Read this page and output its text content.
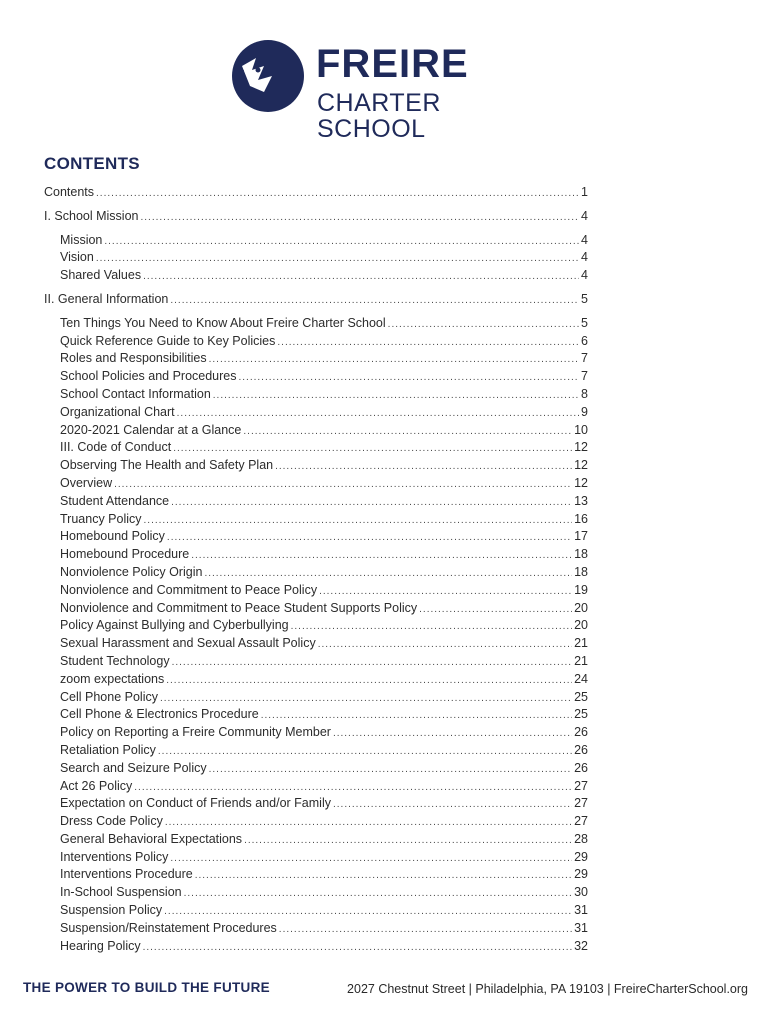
FREIRE
CHARTER SCHOOL
CONTENTS
Contents .....	1
I. School Mission .....	4
Mission .....	4
Vision .....	4
Shared Values .....	4
II. General Information .....	5
Ten Things You Need to Know About Freire Charter School .....	5
Quick Reference Guide to Key Policies .....	6
Roles and Responsibilities .....	7
School Policies and Procedures .....	7
School Contact Information .....	8
Organizational Chart .....	9
2020-2021 Calendar at a Glance .....	10
III. Code of Conduct .....	12
Observing The Health and Safety Plan .....	12
Overview .....	12
Student Attendance .....	13
Truancy Policy .....	16
Homebound Policy .....	17
Homebound Procedure .....	18
Nonviolence Policy Origin .....	18
Nonviolence and Commitment to Peace Policy .....	19
Nonviolence and Commitment to Peace Student Supports Policy .....	20
Policy Against Bullying and Cyberbullying .....	20
Sexual Harassment and Sexual Assault Policy .....	21
Student Technology .....	21
zoom expectations .....	24
Cell Phone Policy .....	25
Cell Phone & Electronics Procedure .....	25
Policy on Reporting a Freire Community Member .....	26
Retaliation Policy .....	26
Search and Seizure Policy .....	26
Act 26 Policy .....	27
Expectation on Conduct of Friends and/or Family .....	27
Dress Code Policy .....	27
General Behavioral Expectations .....	28
Interventions Policy .....	29
Interventions Procedure .....	29
In-School Suspension .....	30
Suspension Policy .....	31
Suspension/Reinstatement Procedures .....	31
Hearing Policy .....	32
THE POWER TO BUILD THE FUTURE	2027 Chestnut Street | Philadelphia, PA 19103 | FreireCharterSchool.org
